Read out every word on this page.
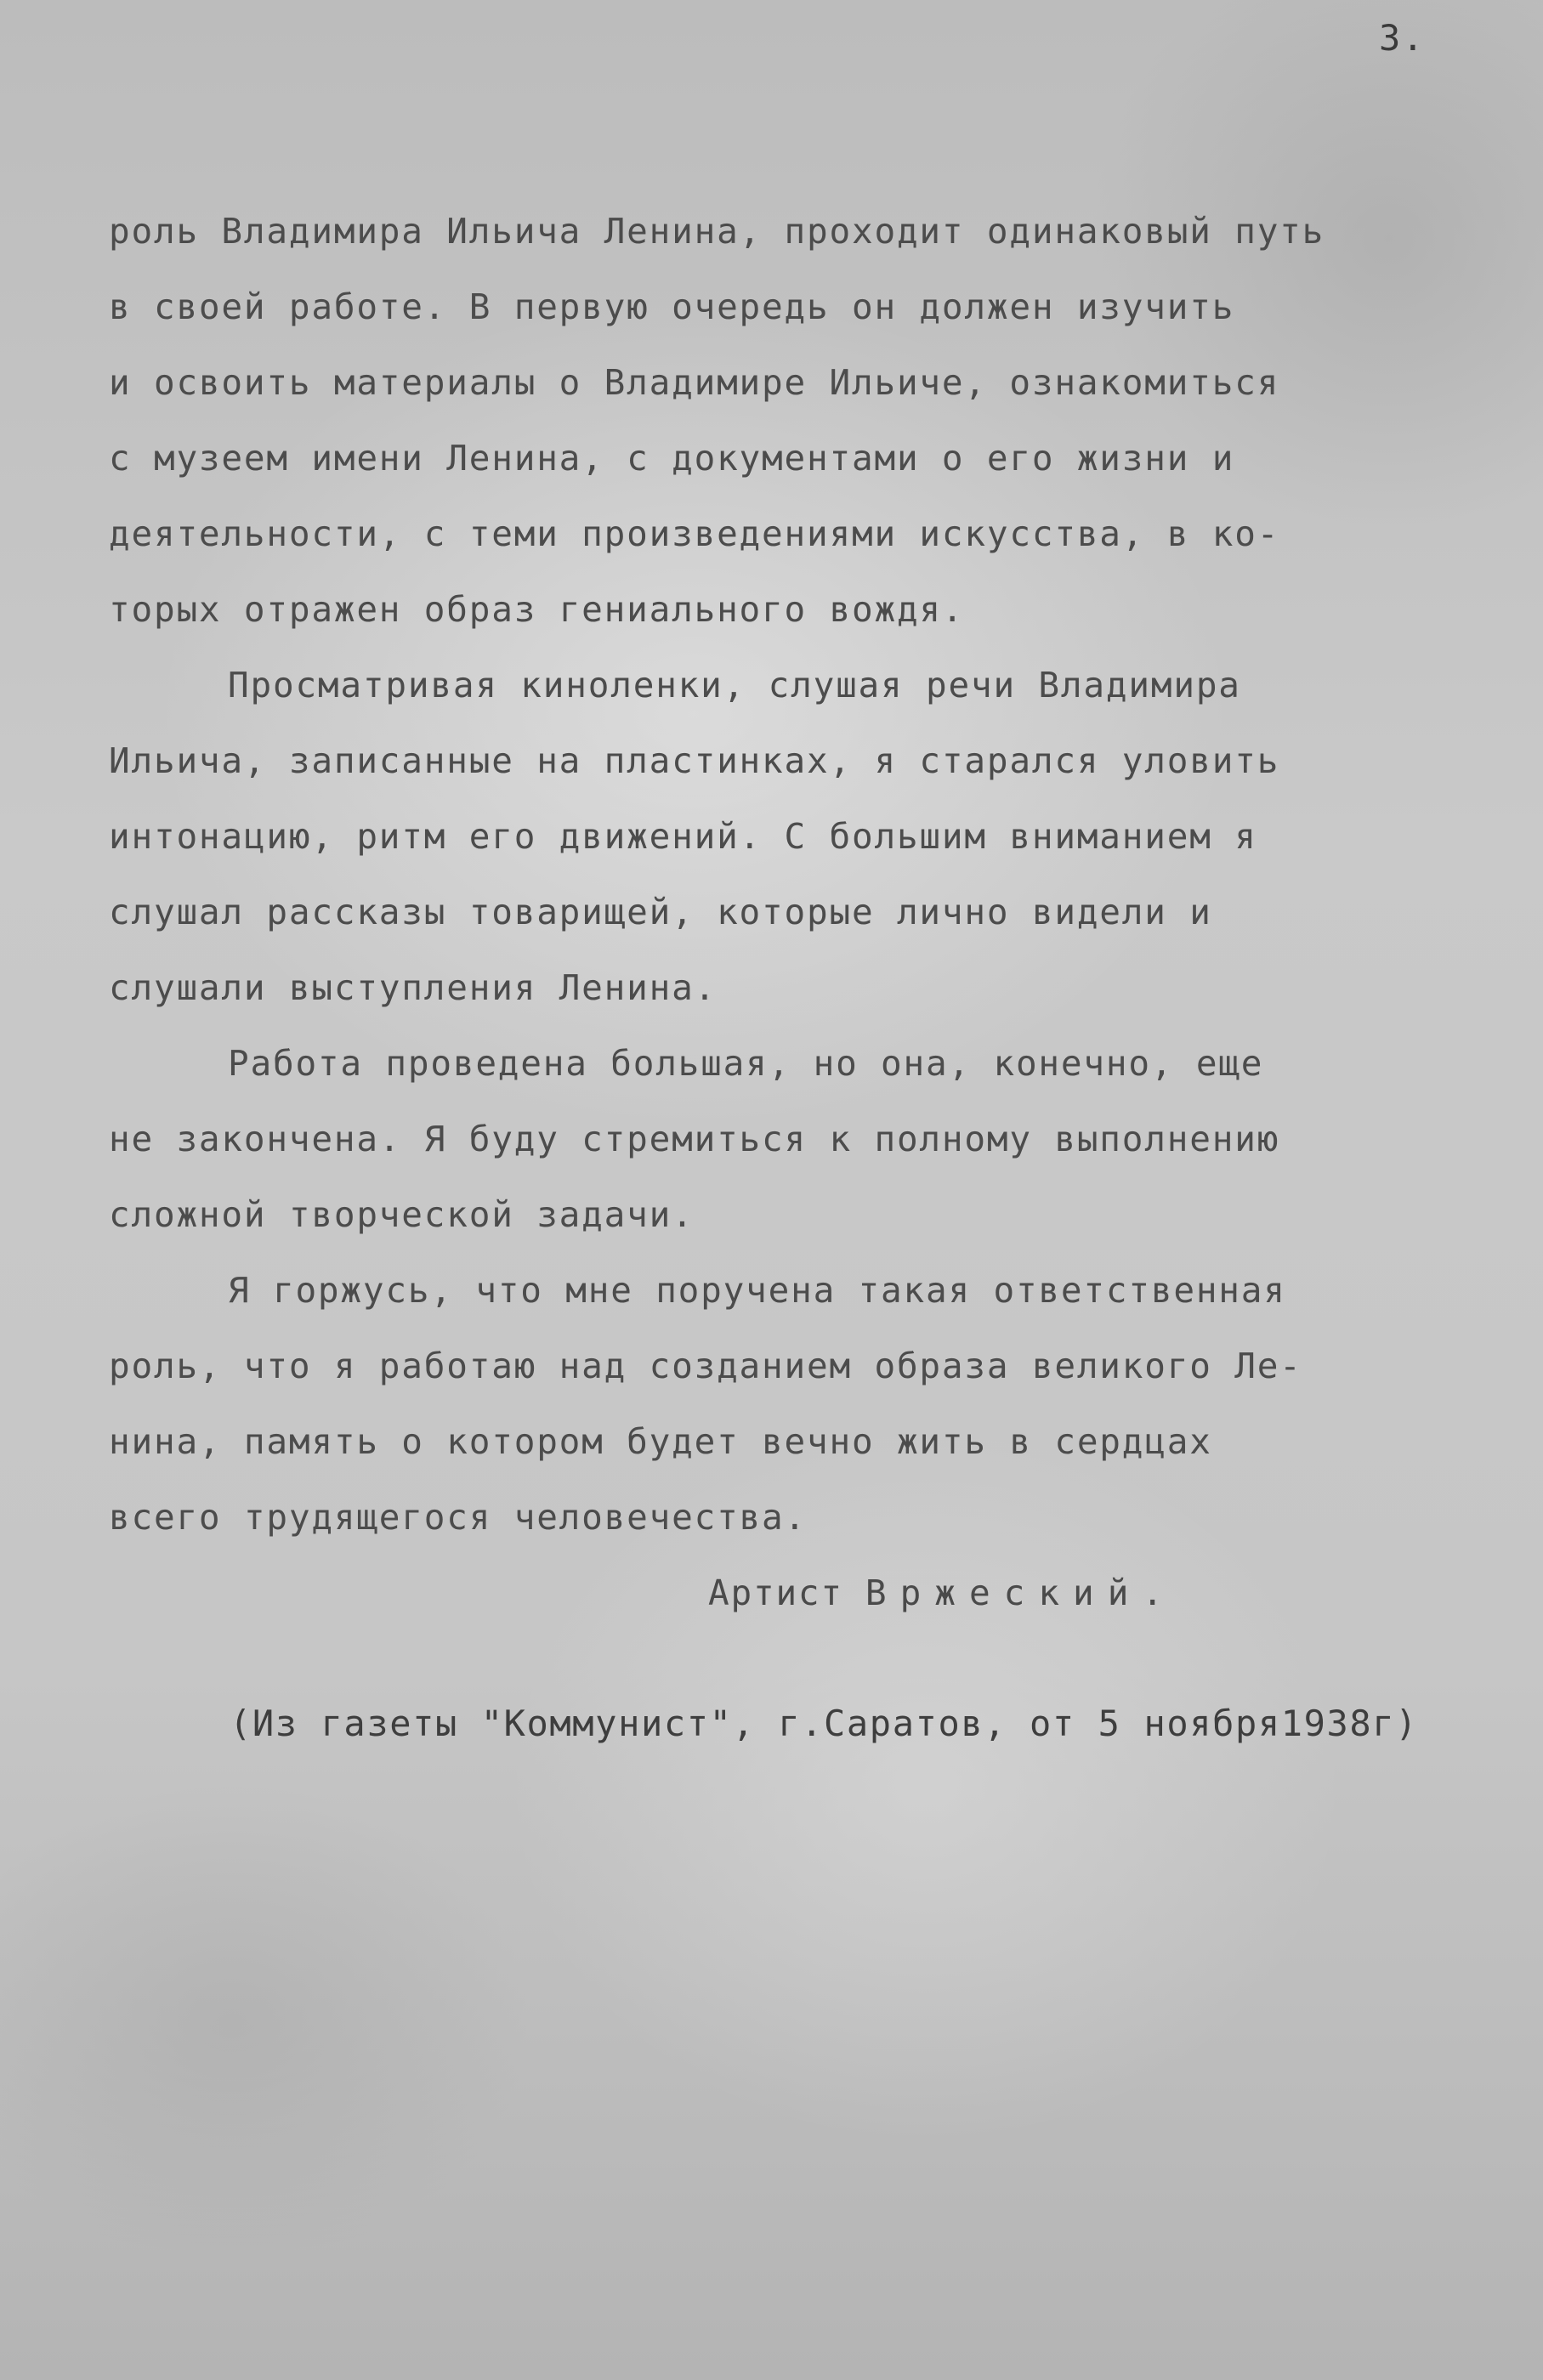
3.
роль Владимира Ильича Ленина, проходит одинаковый путь
в своей работе. В первую очередь он должен изучить
и освоить материалы о Владимире Ильиче, ознакомиться
с музеем имени Ленина, с документами о его жизни и
деятельности, с теми произведениями искусства, в ко-
торых отражен образ гениального вождя.
Просматривая киноленки, слушая речи Владимира
Ильича, записанные на пластинках, я старался уловить
интонацию, ритм его движений. С большим вниманием я
слушал рассказы товарищей, которые лично видели и
слушали выступления Ленина.
Работа проведена большая, но она, конечно, еще
не закончена. Я буду стремиться к полному выполнению
сложной творческой задачи.
Я горжусь, что мне поручена такая ответственная
роль, что я работаю над созданием образа великого Ле-
нина, память о котором будет вечно жить в сердцах
всего трудящегося человечества.
Артист Вржеский.
(Из газеты "Коммунист", г.Саратов, от 5 ноября1938г)
